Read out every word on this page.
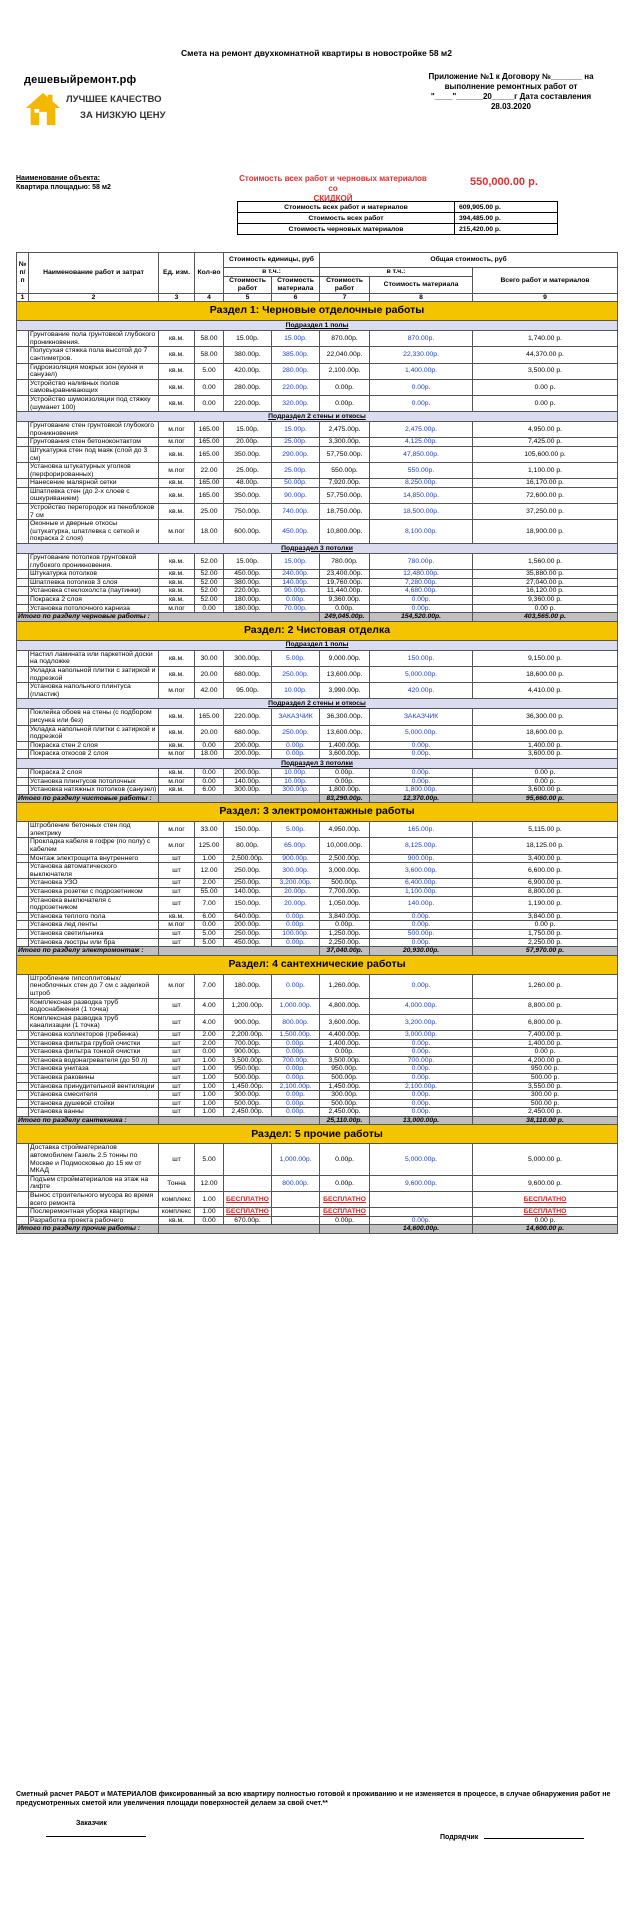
Смета на ремонт двухкомнатной квартиры в новостройке 58 м2
дешевыйремонт.рф
ЛУЧШЕЕ КАЧЕСТВО
ЗА НИЗКУЮ ЦЕНУ
Приложение №1 к Договору №_______ на
выполнение ремонтных работ от
"____"______20_____г Дата составления
28.03.2020
Наименование объекта:
Квартира площадью: 58 м2
Стоимость всех работ и черновых материалов со
СКИДКОЙ
550,000.00 р.
Стоимость всех работ и материалов	609,905.00 р.
Стоимость всех работ	394,485.00 р.
Стоимость черновых материалов	215,420.00 р.
№ п/п	Наименование работ и затрат	Ед. изм.	Кол-во	Стоимость единицы, руб		Общая стоимость, руб		
				в т.ч.:		в т.ч.:		Всего работ и материалов
				Стоимость работ	Стоимость материала	Стоимость работ	Стоимость материала	
1	2	3	4	5	6	7	8	9
Раздел 1: Черновые отделочные работы								
Подраздел 1 полы								
	Грунтование пола грунтовкой глубокого проникновения.	кв.м.	58.00	15.00р.	15.00р.	870.00р.	870.00р.	1,740.00 р.
	Полусухая стяжка пола высотой до 7 сантиметров.	кв.м.	58.00	380.00р.	385.00р.	22,040.00р.	22,330.00р.	44,370.00 р.
	Гидроизоляция мокрых зон (кухня и санузел)	кв.м.	5.00	420.00р.	280.00р.	2,100.00р.	1,400.00р.	3,500.00 р.
	Устройство наливных полов самовыравнивающих	кв.м.	0.00	280.00р.	220.00р.	0.00р.	0.00р.	0.00 р.
	Устройство шумоизоляции под стяжку (шуманет 100)	кв.м.	0.00	220.00р.	320.00р.	0.00р.	0.00р.	0.00 р.
Подраздел 2 стены и откосы								
	Грунтование стен грунтовкой глубокого проникновения	м.пог	165.00	15.00р.	15.00р.	2,475.00р.	2,475.00р.	4,950.00 р.
	Грунтования стен бетоноконтактом	м.пог	165.00	20.00р.	25.00р.	3,300.00р.	4,125.00р.	7,425.00 р.
	Штукатурка стен под маяк (слой до 3 см)	кв.м.	165.00	350.00р.	290.00р.	57,750.00р.	47,850.00р.	105,600.00 р.
	Установка штукатурных уголков (перфорированных)	м.пог	22.00	25.00р.	25.00р.	550.00р.	550.00р.	1,100.00 р.
	Нанесение малярной сетки	кв.м.	165.00	48.00р.	50.00р.	7,920.00р.	8,250.00р.	16,170.00 р.
	Шпатлевка стен (до 2-х слоев с ошкуриванием)	кв.м.	165.00	350.00р.	90.00р.	57,750.00р.	14,850.00р.	72,600.00 р.
	Устройство перегородок из пеноблоков 7 см	кв.м.	25.00	750.00р.	740.00р.	18,750.00р.	18,500.00р.	37,250.00 р.
	Оконные и дверные откосы (штукатурка, шпатлевка с сеткой и покраска 2 слоя)	м.пог	18.00	600.00р.	450.00р.	10,800.00р.	8,100.00р.	18,900.00 р.
Подраздел 3 потолки								
	Грунтование потолков грунтовкой глубокого проникновения.	кв.м.	52.00	15.00р.	15.00р.	780.00р.	780.00р.	1,560.00 р.
	Штукатурка потолков	кв.м.	52.00	450.00р.	240.00р.	23,400.00р.	12,480.00р.	35,880.00 р.
	Шпатлевка потолков 3 слоя	кв.м.	52.00	380.00р.	140.00р.	19,760.00р.	7,280.00р.	27,040.00 р.
	Установка стеклохолста (паутинки)	кв.м.	52.00	220.00р.	90.00р.	11,440.00р.	4,680.00р.	16,120.00 р.
	Покраска 2 слоя	кв.м.	52.00	180.00р.	0.00р.	9,360.00р.	0.00р.	9,360.00 р.
	Установка потолочного карниза	м.пог	0.00	180.00р.	70.00р.	0.00р.	0.00р.	0.00 р.
Итого по разделу черновые работы :						249,045.00р.	154,520.00р.	403,565.00 р.
Раздел: 2 Чистовая отделка								
Подраздел 1 полы								
	Настил ламината или паркетной доски на подложке	кв.м.	30.00	300.00р.	5.00р.	9,000.00р.	150.00р.	9,150.00 р.
	Укладка напольной плитки с затиркой и подрезкой	кв.м.	20.00	680.00р.	250.00р.	13,600.00р.	5,000.00р.	18,600.00 р.
	Установка напольного плинтуса (пластик)	м.пог	42.00	95.00р.	10.00р.	3,990.00р.	420.00р.	4,410.00 р.
Подраздел 2 стены и откосы								
	Поклейка обоев на стены (с подбором рисунка или без)	кв.м.	165.00	220.00р.	ЗАКАЗЧИК	36,300.00р.	ЗАКАЗЧИК	36,300.00 р.
	Укладка напольной плитки с затиркой и подрезкой	кв.м.	20.00	680.00р.	250.00р.	13,600.00р.	5,000.00р.	18,600.00 р.
	Покраска стен 2 слоя	кв.м.	0.00	200.00р.	0.00р.	1,400.00р.	0.00р.	1,400.00 р.
	Покраска откосов 2 слоя	м.пог	18.00	200.00р.	0.00р.	3,600.00р.	0.00р.	3,600.00 р.
Подраздел 3 потолки								
	Покраска 2 слоя	кв.м.	0.00	200.00р.	10.00р.	0.00р.	0.00р.	0.00 р.
	Установка плинтусов потолочных	м.пог	0.00	140.00р.	10.00р.	0.00р.	0.00р.	0.00 р.
	Установка натяжных потолков (санузел)	кв.м.	6.00	300.00р.	300.00р.	1,800.00р.	1,800.00р.	3,600.00 р.
Итого по разделу чистовые работы :						83,290.00р.	12,370.00р.	95,660.00 р.
Раздел: 3 электромонтажные работы								
	Штробление бетонных стен под электрику	м.пог	33.00	150.00р.	5.00р.	4,950.00р.	165.00р.	5,115.00 р.
	Прокладка кабеля в гофре (по полу) с кабелем	м.пог	125.00	80.00р.	65.00р.	10,000.00р.	8,125.00р.	18,125.00 р.
	Монтаж электрощита внутреннего	шт	1.00	2,500.00р.	900.00р.	2,500.00р.	900.00р.	3,400.00 р.
	Установка автоматического выключателя	шт	12.00	250.00р.	300.00р.	3,000.00р.	3,600.00р.	6,600.00 р.
	Установка УЗО	шт	2.00	250.00р.	3,200.00р.	500.00р.	6,400.00р.	6,900.00 р.
	Установка розетки с подрозетником	шт	55.00	140.00р.	20.00р.	7,700.00р.	1,100.00р.	8,800.00 р.
	Установка выключателя с подрозетником	шт	7.00	150.00р.	20.00р.	1,050.00р.	140.00р.	1,190.00 р.
	Установка теплого пола	кв.м.	6.00	640.00р.	0.00р.	3,840.00р.	0.00р.	3,840.00 р.
	Установка лед ленты	м.пог	0.00	200.00р.	0.00р.	0.00р.	0.00р.	0.00 р.
	Установка светильника	шт	5.00	250.00р.	100.00р.	1,250.00р.	500.00р.	1,750.00 р.
	Установка люстры или бра	шт	5.00	450.00р.	0.00р.	2,250.00р.	0.00р.	2,250.00 р.
Итого по разделу электромонтаж :						37,040.00р.	20,930.00р.	57,970.00 р.
Раздел: 4 сантехнические работы								
	Штробление гипсоплитовых/пеноблочных стен до 7 см с заделкой штроб	м.пог	7.00	180.00р.	0.00р.	1,260.00р.	0.00р.	1,260.00 р.
	Комплексная разводка труб водоснабжения (1 точка)	шт	4.00	1,200.00р.	1,000.00р.	4,800.00р.	4,000.00р.	8,800.00 р.
	Комплексная разводка труб канализации (1 точка)	шт	4.00	900.00р.	800.00р.	3,600.00р.	3,200.00р.	6,800.00 р.
	Установка коллекторов (гребенка)	шт	2.00	2,200.00р.	1,500.00р.	4,400.00р.	3,000.00р.	7,400.00 р.
	Установка фильтра грубой очистки	шт	2.00	700.00р.	0.00р.	1,400.00р.	0.00р.	1,400.00 р.
	Установка фильтра тонкой очистки	шт	0.00	900.00р.	0.00р.	0.00р.	0.00р.	0.00 р.
	Установка водонагревателя (до 50 л)	шт	1.00	3,500.00р.	700.00р.	3,500.00р.	700.00р.	4,200.00 р.
	Установка унитаза	шт	1.00	950.00р.	0.00р.	950.00р.	0.00р.	950.00 р.
	Установка раковины	шт	1.00	500.00р.	0.00р.	500.00р.	0.00р.	500.00 р.
	Установка принудительной вентиляции	шт	1.00	1,450.00р.	2,100.00р.	1,450.00р.	2,100.00р.	3,550.00 р.
	Установка смесителя	шт	1.00	300.00р.	0.00р.	300.00р.	0.00р.	300.00 р.
	Установка душевой стойки	шт	1.00	500.00р.	0.00р.	500.00р.	0.00р.	500.00 р.
	Установка ванны	шт	1.00	2,450.00р.	0.00р.	2,450.00р.	0.00р.	2,450.00 р.
Итого по разделу сантехника :						25,110.00р.	13,000.00р.	38,110.00 р.
Раздел: 5 прочие работы								
	Доставка стройматериалов автомобилем Газель 2.5 тонны по Москве и Подмосковью до 15 км от МКАД	шт	5.00		1,000.00р.	0.00р.	5,000.00р.	5,000.00 р.
	Подъем стройматериалов на этаж на лифте	Тонна	12.00		800.00р.	0.00р.	9,600.00р.	9,600.00 р.
	Вынос строительного мусора во время всего ремонта	комплекс	1.00	БЕСПЛАТНО		БЕСПЛАТНО		БЕСПЛАТНО
	Послеремонтная уборка квартиры	комплекс	1.00	БЕСПЛАТНО		БЕСПЛАТНО		БЕСПЛАТНО
	Разработка проекта рабочего	кв.м.	0.00	670.00р.		0.00р.	0.00р.	0.00 р.
Итого по разделу прочие работы :							14,600.00р.	14,600.00 р.
Сметный расчет РАБОТ и МАТЕРИАЛОВ фиксированный за всю квартиру полностью готовой к проживанию и не изменяется в процессе, в случае обнаружения работ не предусмотренных сметой или увеличения площади поверхностей делаем за свой счет.**
Заказчик
Подрядчик
